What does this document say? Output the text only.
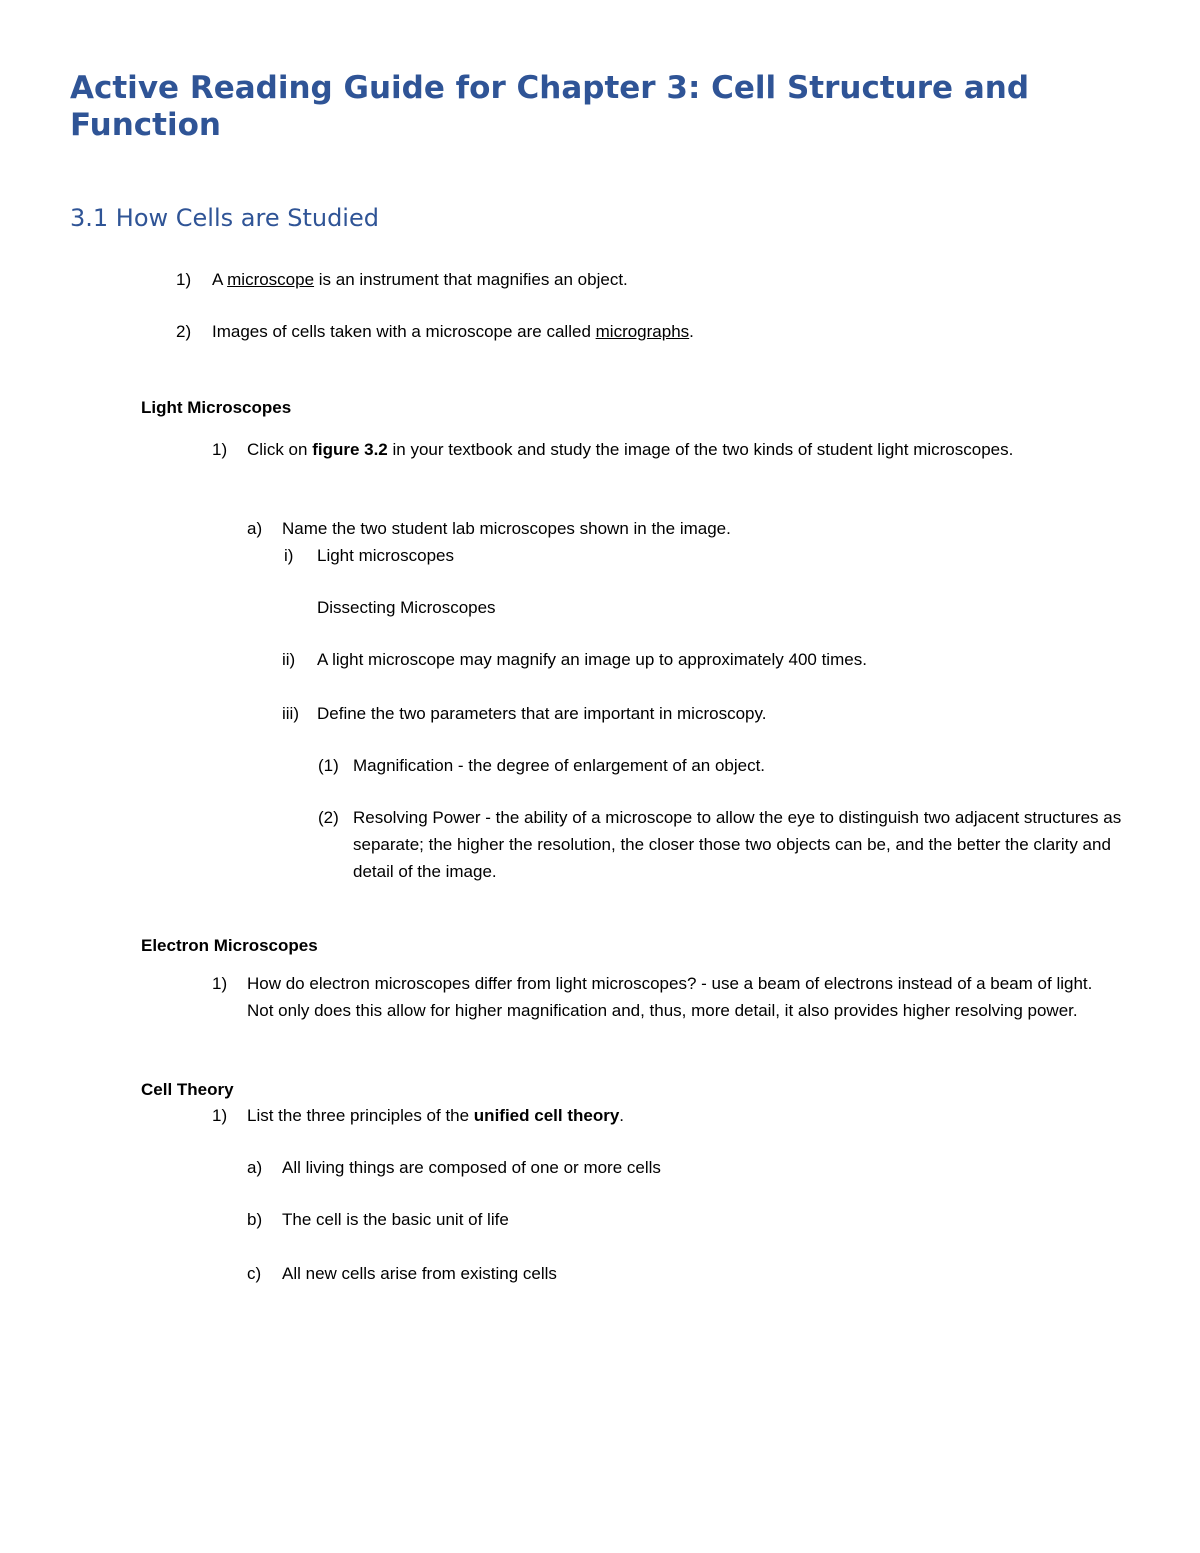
Active Reading Guide for Chapter 3: Cell Structure and Function
3.1 How Cells are Studied
1)	A microscope is an instrument that magnifies an object.
2)	Images of cells taken with a microscope are called micrographs.
Light Microscopes
1)	Click on figure 3.2 in your textbook and study the image of the two kinds of student light microscopes.
a)	Name the two student lab microscopes shown in the image.
i)	Light microscopes
Dissecting Microscopes
ii)	A light microscope may magnify an image up to approximately 400 times.
iii)	Define the two parameters that are important in microscopy.
(1) Magnification - the degree of enlargement of an object.
(2) Resolving Power - the ability of a microscope to allow the eye to distinguish two adjacent structures as separate; the higher the resolution, the closer those two objects can be, and the better the clarity and detail of the image.
Electron Microscopes
1)	How do electron microscopes differ from light microscopes? - use a beam of electrons instead of a beam of light. Not only does this allow for higher magnification and, thus, more detail, it also provides higher resolving power.
Cell Theory
1)	List the three principles of the unified cell theory.
a)	All living things are composed of one or more cells
b)	The cell is the basic unit of life
c)	All new cells arise from existing cells
